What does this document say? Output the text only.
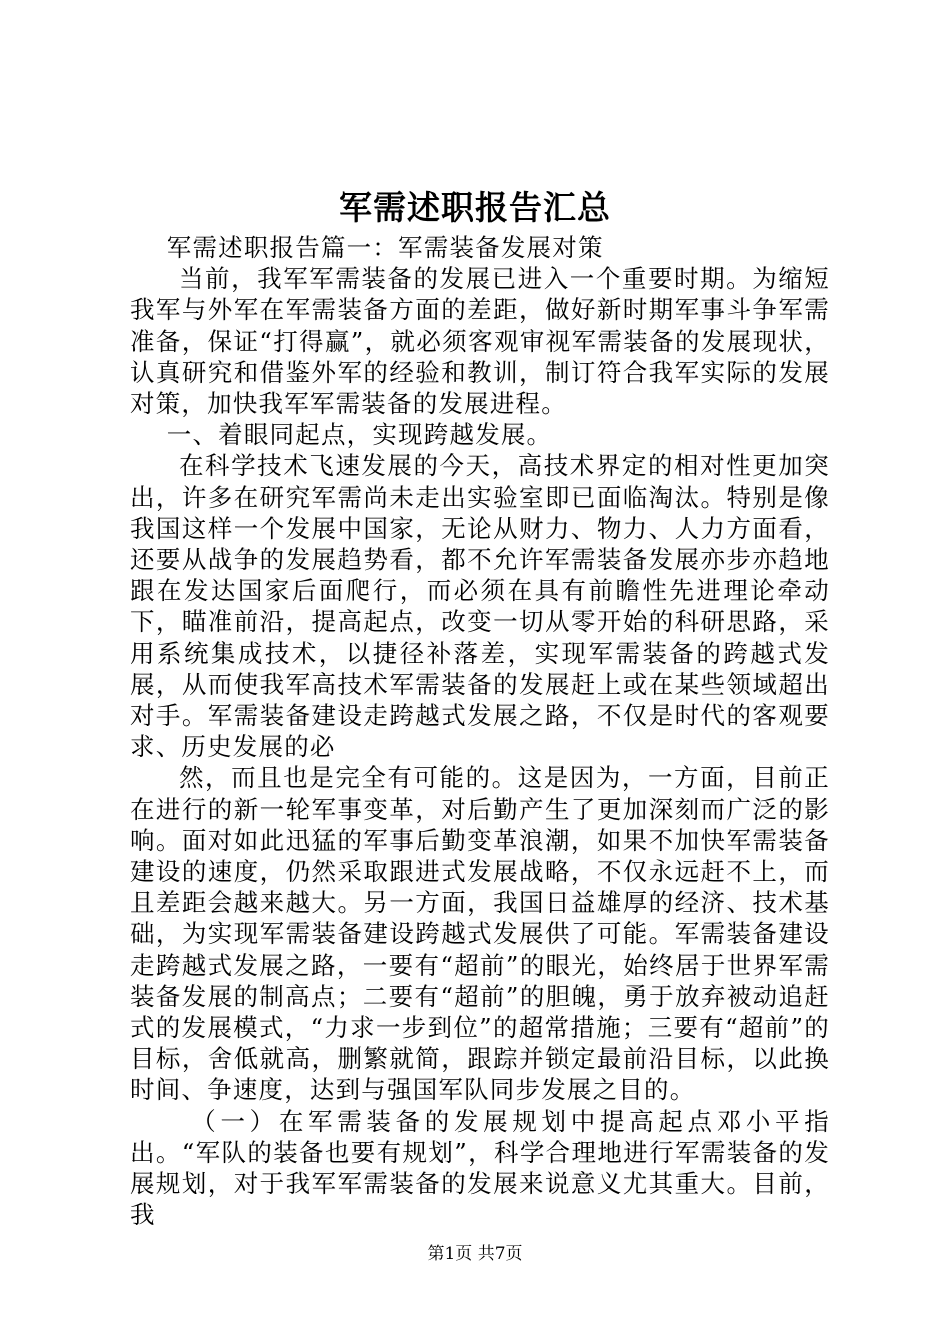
军需述职报告汇总

军需述职报告篇一：军需装备发展对策

当前，我军军需装备的发展已进入一个重要时期。为缩短我军与外军在军需装备方面的差距，做好新时期军事斗争军需准备，保证“打得赢”，就必须客观审视军需装备的发展现状，认真研究和借鉴外军的经验和教训，制订符合我军实际的发展对策，加快我军军需装备的发展进程。

一、着眼同起点，实现跨越发展。

在科学技术飞速发展的今天，高技术界定的相对性更加突出，许多在研究军需尚未走出实验室即已面临淘汰。特别是像我国这样一个发展中国家，无论从财力、物力、人力方面看，还要从战争的发展趋势看，都不允许军需装备发展亦步亦趋地跟在发达国家后面爬行，而必须在具有前瞻性先进理论牵动下，瞄准前沿，提高起点，改变一切从零开始的科研思路，采用系统集成技术，以捷径补落差，实现军需装备的跨越式发展，从而使我军高技术军需装备的发展赶上或在某些领域超出对手。军需装备建设走跨越式发展之路，不仅是时代的客观要求、历史发展的必

然，而且也是完全有可能的。这是因为，一方面，目前正在进行的新一轮军事变革，对后勤产生了更加深刻而广泛的影响。面对如此迅猛的军事后勤变革浪潮，如果不加快军需装备建设的速度，仍然采取跟进式发展战略，不仅永远赶不上，而且差距会越来越大。另一方面，我国日益雄厚的经济、技术基础，为实现军需装备建设跨越式发展供了可能。军需装备建设走跨越式发展之路，一要有“超前”的眼光，始终居于世界军需装备发展的制高点；二要有“超前”的胆魄，勇于放弃被动追赶式的发展模式，“力求一步到位”的超常措施；三要有“超前”的目标，舍低就高，删繁就简，跟踪并锁定最前沿目标，以此换时间、争速度，达到与强国军队同步发展之目的。

（一）在军需装备的发展规划中提高起点邓小平指出。“军队的装备也要有规划”，科学合理地进行军需装备的发展规划，对于我军军需装备的发展来说意义尤其重大。目前，我

第1页 共7页
